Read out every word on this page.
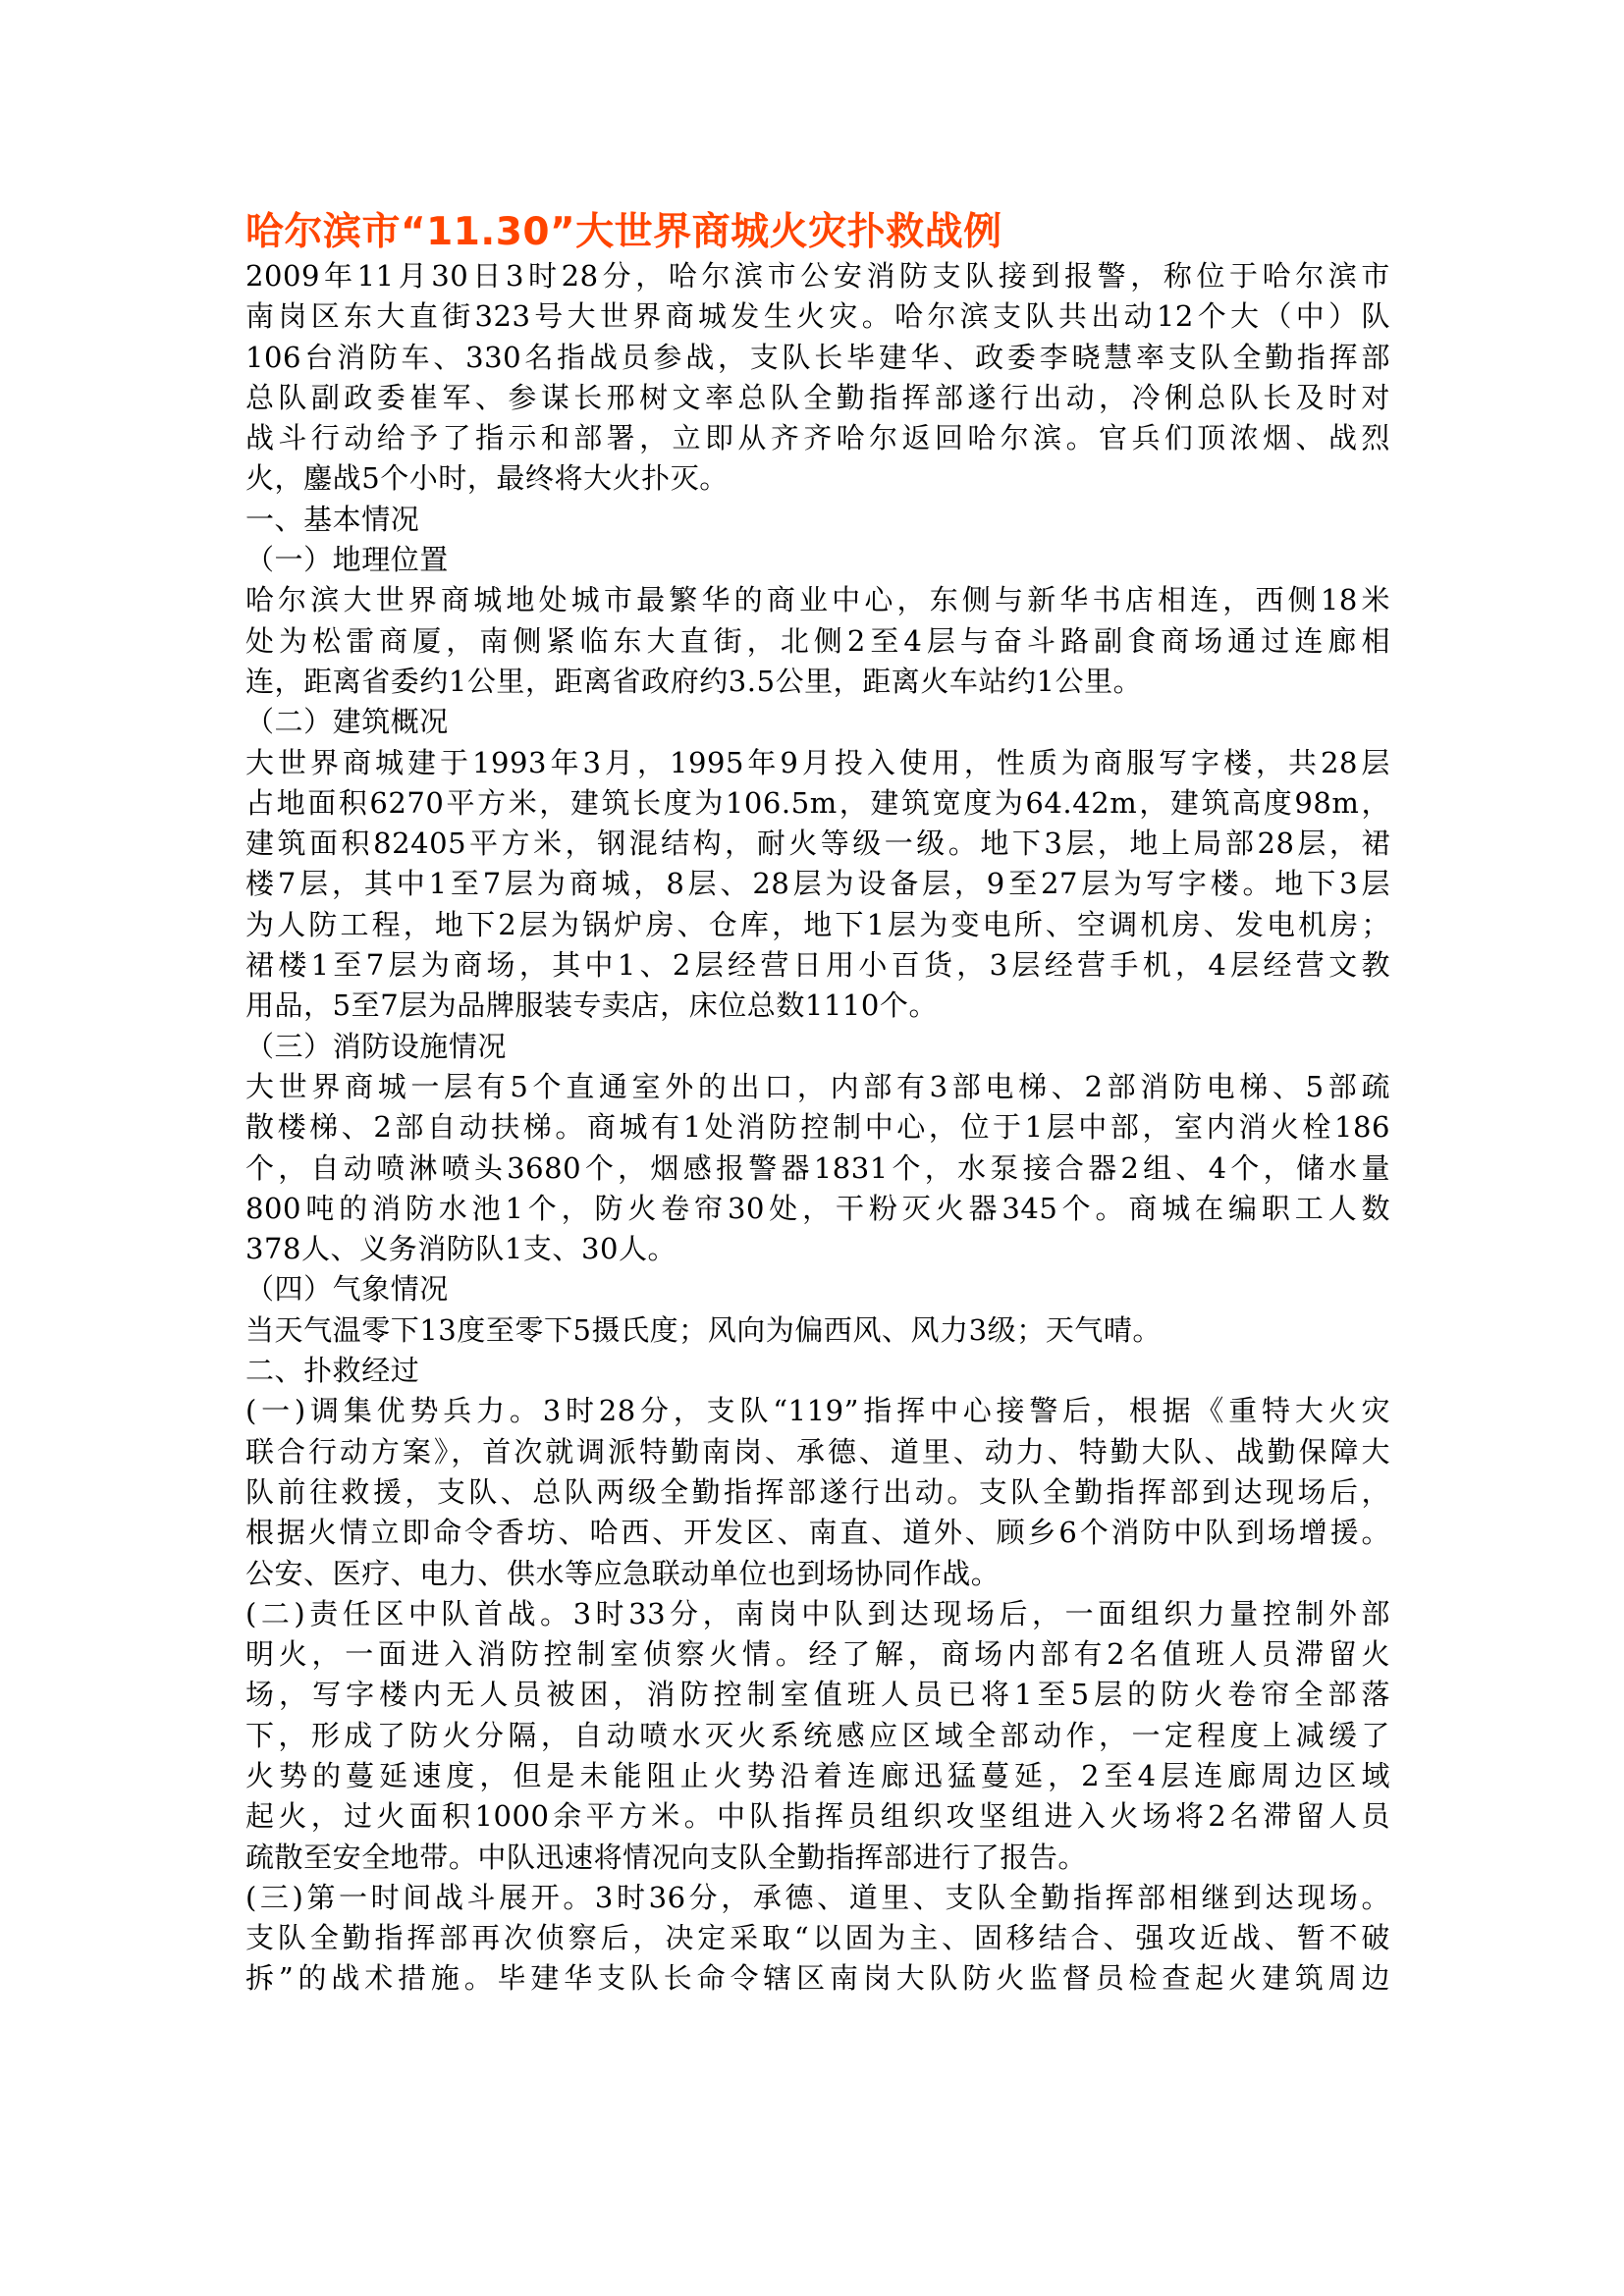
哈尔滨市“11.30”大世界商城火灾扑救战例
2009年11月30日3时28分，哈尔滨市公安消防支队接到报警，称位于哈尔滨市
南岗区东大直街323号大世界商城发生火灾。哈尔滨支队共出动12个大（中）队
106台消防车、330名指战员参战，支队长毕建华、政委李晓慧率支队全勤指挥部
总队副政委崔军、参谋长邢树文率总队全勤指挥部遂行出动，冷俐总队长及时对
战斗行动给予了指示和部署，立即从齐齐哈尔返回哈尔滨。官兵们顶浓烟、战烈
火，鏖战5个小时，最终将大火扑灭。
一、基本情况
（一）地理位置
哈尔滨大世界商城地处城市最繁华的商业中心，东侧与新华书店相连，西侧18米
处为松雷商厦，南侧紧临东大直街，北侧2至4层与奋斗路副食商场通过连廊相
连，距离省委约1公里，距离省政府约3.5公里，距离火车站约1公里。
（二）建筑概况
大世界商城建于1993年3月，1995年9月投入使用，性质为商服写字楼，共28层
占地面积6270平方米，建筑长度为106.5m，建筑宽度为64.42m，建筑高度98m，
建筑面积82405平方米，钢混结构，耐火等级一级。地下3层，地上局部28层，裙
楼7层，其中1至7层为商城，8层、28层为设备层，9至27层为写字楼。地下3层
为人防工程，地下2层为锅炉房、仓库，地下1层为变电所、空调机房、发电机房；
裙楼1至7层为商场，其中1、2层经营日用小百货，3层经营手机，4层经营文教
用品，5至7层为品牌服装专卖店，床位总数1110个。
（三）消防设施情况
大世界商城一层有5个直通室外的出口，内部有3部电梯、2部消防电梯、5部疏
散楼梯、2部自动扶梯。商城有1处消防控制中心，位于1层中部，室内消火栓186
个，自动喷淋喷头3680个，烟感报警器1831个，水泵接合器2组、4个，储水量
800吨的消防水池1个，防火卷帘30处，干粉灭火器345个。商城在编职工人数
378人、义务消防队1支、30人。
（四）气象情况
当天气温零下13度至零下5摄氏度；风向为偏西风、风力3级；天气晴。
二、扑救经过
(一)调集优势兵力。3时28分，支队“119”指挥中心接警后，根据《重特大火灾
联合行动方案》，首次就调派特勤南岗、承德、道里、动力、特勤大队、战勤保障大
队前往救援，支队、总队两级全勤指挥部遂行出动。支队全勤指挥部到达现场后，
根据火情立即命令香坊、哈西、开发区、南直、道外、顾乡6个消防中队到场增援。
公安、医疗、电力、供水等应急联动单位也到场协同作战。
(二)责任区中队首战。3时33分，南岗中队到达现场后，一面组织力量控制外部
明火，一面进入消防控制室侦察火情。经了解，商场内部有2名值班人员滞留火
场，写字楼内无人员被困，消防控制室值班人员已将1至5层的防火卷帘全部落
下，形成了防火分隔，自动喷水灭火系统感应区域全部动作，一定程度上减缓了
火势的蔓延速度，但是未能阻止火势沿着连廊迅猛蔓延，2至4层连廊周边区域
起火，过火面积1000余平方米。中队指挥员组织攻坚组进入火场将2名滞留人员
疏散至安全地带。中队迅速将情况向支队全勤指挥部进行了报告。
(三)第一时间战斗展开。3时36分，承德、道里、支队全勤指挥部相继到达现场。
支队全勤指挥部再次侦察后，决定采取“以固为主、固移结合、强攻近战、暂不破
拆”的战术措施。毕建华支队长命令辖区南岗大队防火监督员检查起火建筑周边
